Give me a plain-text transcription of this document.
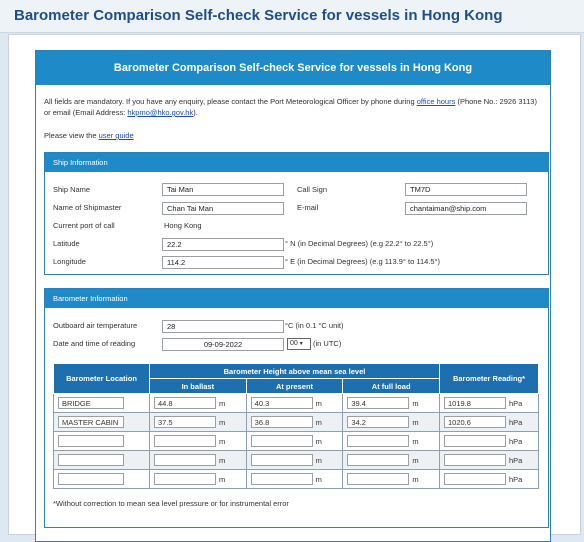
Barometer Comparison Self-check Service for vessels in Hong Kong
Barometer Comparison Self-check Service for vessels in Hong Kong
All fields are mandatory. If you have any enquiry, please contact the Port Meteorological Officer by phone during office hours (Phone No.: 2926 3113) or email (Email Address: hkpmo@hko.gov.hk).
Please view the user guide
Ship Information
Ship Name	Tai Man	Call Sign	TM7D
Name of Shipmaster	Chan Tai Man	E-mail	chantaiman@ship.com
Current port of call	Hong Kong
Latitude	22.2	° N (in Decimal Degrees) (e.g 22.2° to 22.5°)
Longitude	114.2	° E (in Decimal Degrees) (e.g 113.9° to 114.5°)
Barometer Information
Outboard air temperature	28	°C (in 0.1 °C unit)
Date and time of reading	09-09-2022	00 ▾	(in UTC)
Barometer Location	Barometer Height above mean sea level			Barometer Reading*
	In ballast	At present	At full load	
BRIDGE	44.8 m	40.3 m	39.4 m	1019.8 hPa
MASTER CABIN	37.5 m	36.8 m	34.2 m	1020.6 hPa
	m	m	m	hPa
	m	m	m	hPa
	m	m	m	hPa
*Without correction to mean sea level pressure or for instrumental error
